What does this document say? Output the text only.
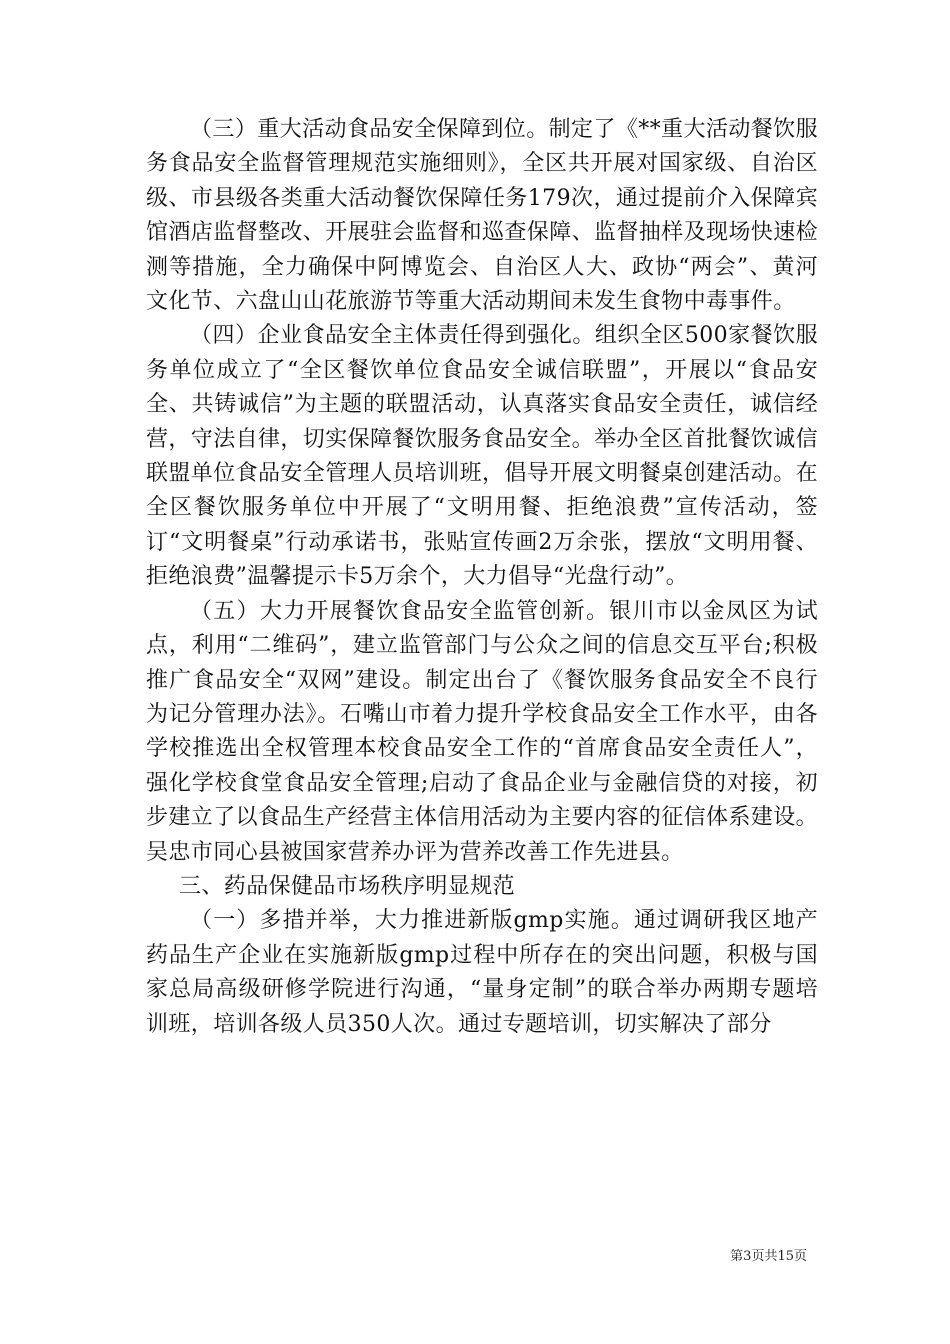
（三）重大活动食品安全保障到位。制定了《**重大活动餐饮服务食品安全监督管理规范实施细则》，全区共开展对国家级、自治区级、市县级各类重大活动餐饮保障任务179次，通过提前介入保障宾馆酒店监督整改、开展驻会监督和巡查保障、监督抽样及现场快速检测等措施，全力确保中阿博览会、自治区人大、政协“两会”、黄河文化节、六盘山山花旅游节等重大活动期间未发生食物中毒事件。

（四）企业食品安全主体责任得到强化。组织全区500家餐饮服务单位成立了“全区餐饮单位食品安全诚信联盟”，开展以“食品安全、共铸诚信”为主题的联盟活动，认真落实食品安全责任，诚信经营，守法自律，切实保障餐饮服务食品安全。举办全区首批餐饮诚信联盟单位食品安全管理人员培训班，倡导开展文明餐桌创建活动。在全区餐饮服务单位中开展了“文明用餐、拒绝浪费”宣传活动，签订“文明餐桌”行动承诺书，张贴宣传画2万余张，摆放“文明用餐、拒绝浪费”温馨提示卡5万余个，大力倡导“光盘行动”。

（五）大力开展餐饮食品安全监管创新。银川市以金凤区为试点，利用“二维码”，建立监管部门与公众之间的信息交互平台;积极推广食品安全“双网”建设。制定出台了《餐饮服务食品安全不良行为记分管理办法》。石嘴山市着力提升学校食品安全工作水平，由各学校推选出全权管理本校食品安全工作的“首席食品安全责任人”，强化学校食堂食品安全管理;启动了食品企业与金融信贷的对接，初步建立了以食品生产经营主体信用活动为主要内容的征信体系建设。吴忠市同心县被国家营养办评为营养改善工作先进县。

三、药品保健品市场秩序明显规范

（一）多措并举，大力推进新版gmp实施。通过调研我区地产药品生产企业在实施新版gmp过程中所存在的突出问题，积极与国家总局高级研修学院进行沟通，“量身定制”的联合举办两期专题培训班，培训各级人员350人次。通过专题培训，切实解决了部分

第3页共15页
